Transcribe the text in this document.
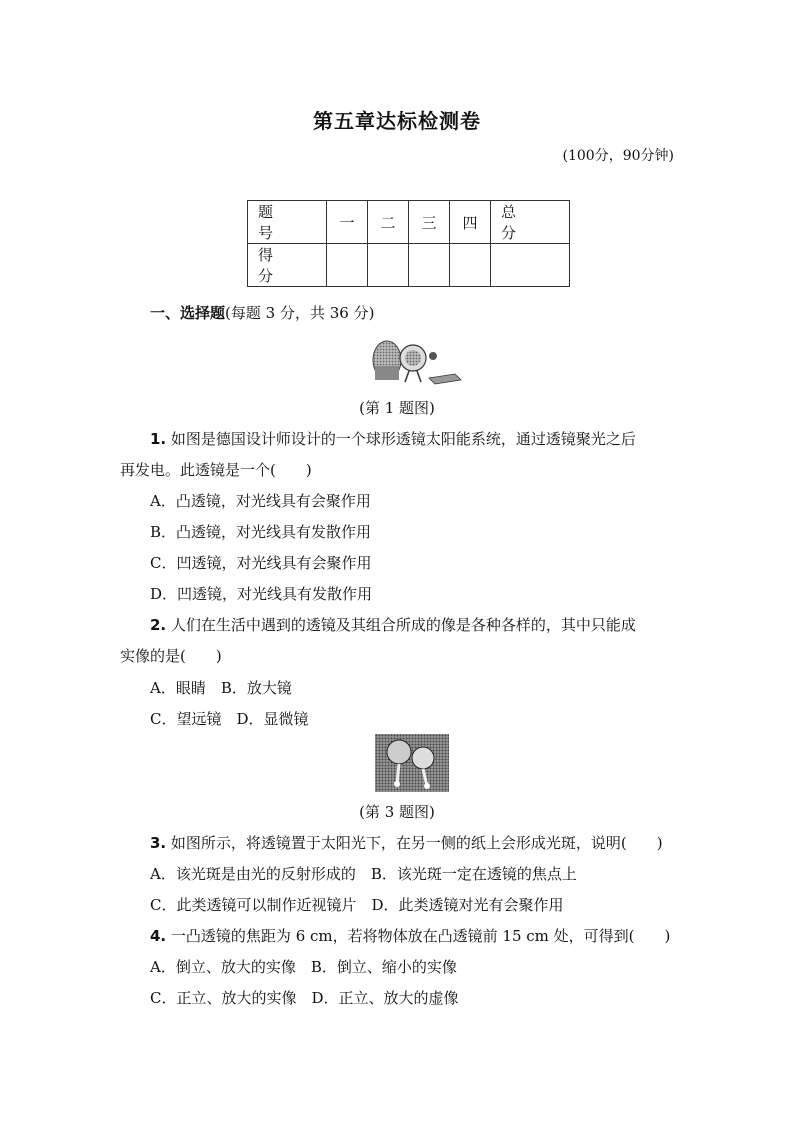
第五章达标检测卷
(100分，90分钟)
题 号	一	二	三	四	总 分
得 分					
一、选择题(每题 3 分，共 36 分)
(第 1 题图)
1. 如图是德国设计师设计的一个球形透镜太阳能系统，通过透镜聚光之后
再发电。此透镜是一个(　　)
A．凸透镜，对光线具有会聚作用
B．凸透镜，对光线具有发散作用
C．凹透镜，对光线具有会聚作用
D．凹透镜，对光线具有发散作用
2. 人们在生活中遇到的透镜及其组合所成的像是各种各样的，其中只能成
实像的是(　　)
A．眼睛　B．放大镜
C．望远镜　D．显微镜
(第 3 题图)
3. 如图所示，将透镜置于太阳光下，在另一侧的纸上会形成光斑，说明(　　)
A．该光斑是由光的反射形成的　B．该光斑一定在透镜的焦点上
C．此类透镜可以制作近视镜片　D．此类透镜对光有会聚作用
4. 一凸透镜的焦距为 6 cm，若将物体放在凸透镜前 15 cm 处，可得到(　　)
A．倒立、放大的实像　B．倒立、缩小的实像
C．正立、放大的实像　D．正立、放大的虚像
